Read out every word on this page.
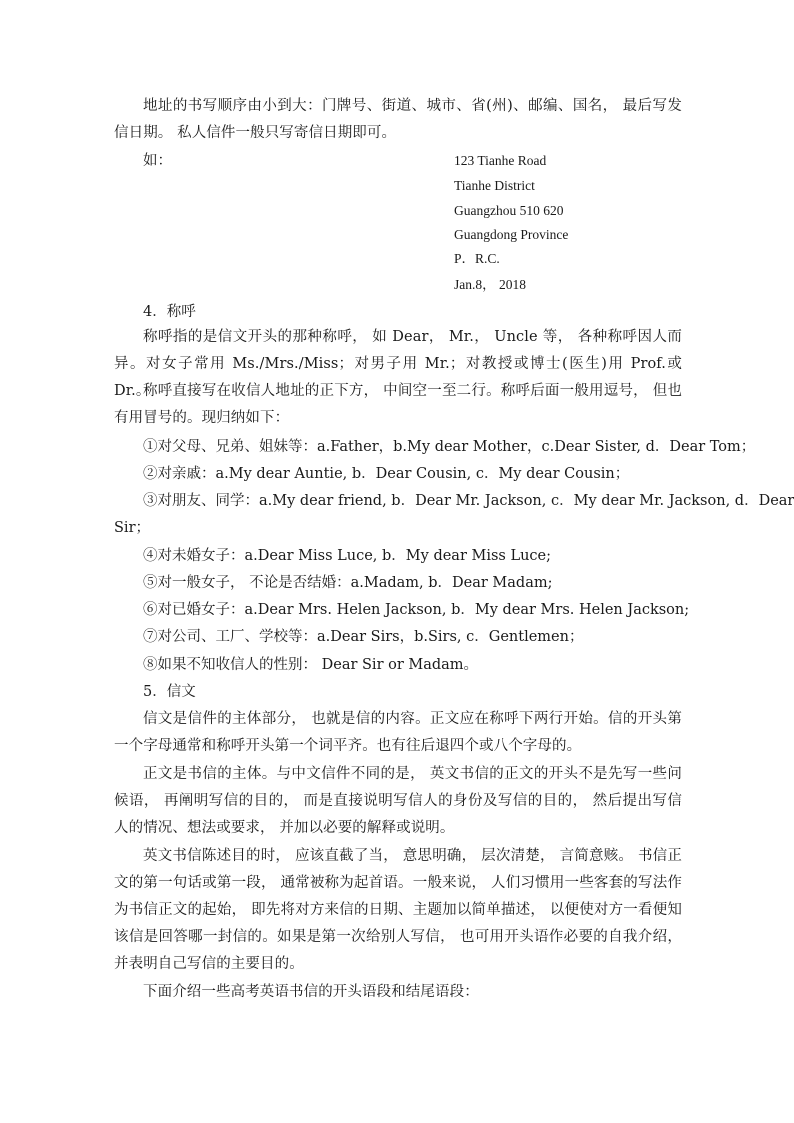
地址的书写顺序由小到大：门牌号、街道、城市、省(州)、邮编、国名， 最后写发信日期。 私人信件一般只写寄信日期即可。

如：	123 Tianhe Road

Tianhe District

Guangzhou 510 620

Guangdong Province

P．R.C.

Jan.8， 2018

4．称呼

称呼指的是信文开头的那种称呼， 如 Dear， Mr.， Uncle 等， 各种称呼因人而异。对女子常用 Ms./Mrs./Miss；对男子用 Mr.；对教授或博士(医生)用 Prof.或 Dr.。

称呼直接写在收信人地址的正下方， 中间空一至二行。称呼后面一般用逗号， 但也有用冒号的。现归纳如下：

①对父母、兄弟、姐妹等：a.Father，b.My dear Mother，c.Dear Sister, d．Dear Tom；

②对亲戚：a.My dear Auntie, b．Dear Cousin, c．My dear Cousin；

③对朋友、同学：a.My dear friend, b．Dear Mr. Jackson, c．My dear Mr. Jackson, d．Dear

Sir；

④对未婚女子：a.Dear Miss Luce, b．My dear Miss Luce;

⑤对一般女子， 不论是否结婚：a.Madam, b．Dear Madam;

⑥对已婚女子：a.Dear Mrs. Helen Jackson, b．My dear Mrs. Helen Jackson;

⑦对公司、工厂、学校等：a.Dear Sirs，b.Sirs, c．Gentlemen；

⑧如果不知收信人的性别： Dear Sir or Madam。

5．信文

信文是信件的主体部分， 也就是信的内容。正文应在称呼下两行开始。信的开头第一个字母通常和称呼开头第一个词平齐。也有往后退四个或八个字母的。

正文是书信的主体。与中文信件不同的是， 英文书信的正文的开头不是先写一些问候语， 再阐明写信的目的， 而是直接说明写信人的身份及写信的目的， 然后提出写信人的情况、想法或要求， 并加以必要的解释或说明。

英文书信陈述目的时， 应该直截了当， 意思明确， 层次清楚， 言简意赅。 书信正文的第一句话或第一段， 通常被称为起首语。一般来说， 人们习惯用一些客套的写法作为书信正文的起始， 即先将对方来信的日期、主题加以简单描述， 以便使对方一看便知该信是回答哪一封信的。如果是第一次给别人写信， 也可用开头语作必要的自我介绍， 并表明自己写信的主要目的。

下面介绍一些高考英语书信的开头语段和结尾语段：
